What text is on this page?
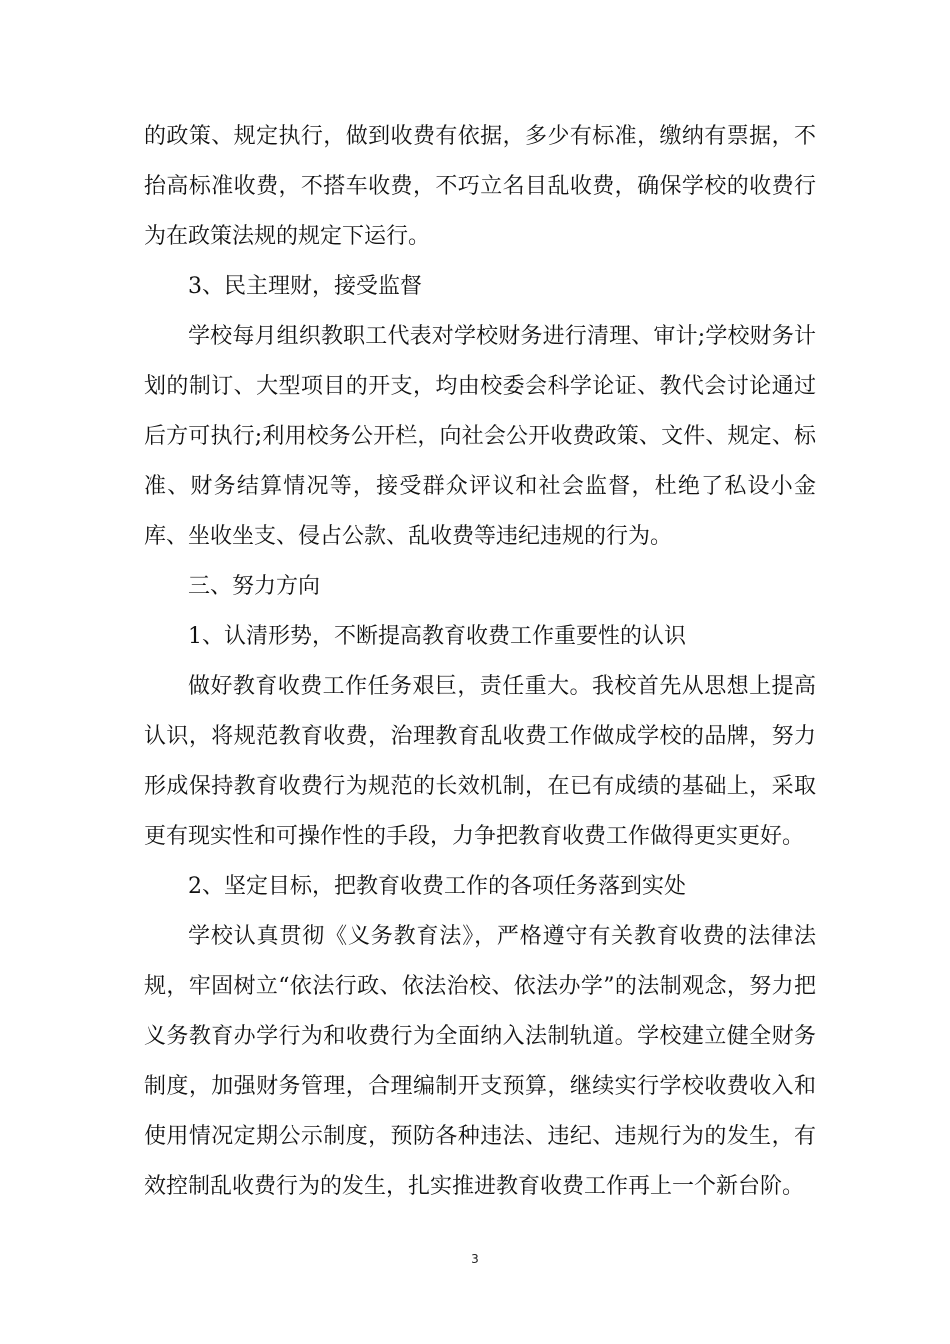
的政策、规定执行，做到收费有依据，多少有标准，缴纳有票据，不抬高标准收费，不搭车收费，不巧立名目乱收费，确保学校的收费行为在政策法规的规定下运行。

3、民主理财，接受监督

学校每月组织教职工代表对学校财务进行清理、审计;学校财务计划的制订、大型项目的开支，均由校委会科学论证、教代会讨论通过后方可执行;利用校务公开栏，向社会公开收费政策、文件、规定、标准、财务结算情况等，接受群众评议和社会监督，杜绝了私设小金库、坐收坐支、侵占公款、乱收费等违纪违规的行为。

三、努力方向

1、认清形势，不断提高教育收费工作重要性的认识

做好教育收费工作任务艰巨，责任重大。我校首先从思想上提高认识，将规范教育收费，治理教育乱收费工作做成学校的品牌，努力形成保持教育收费行为规范的长效机制，在已有成绩的基础上，采取更有现实性和可操作性的手段，力争把教育收费工作做得更实更好。

2、坚定目标，把教育收费工作的各项任务落到实处

学校认真贯彻《义务教育法》，严格遵守有关教育收费的法律法规，牢固树立“依法行政、依法治校、依法办学”的法制观念，努力把义务教育办学行为和收费行为全面纳入法制轨道。学校建立健全财务制度，加强财务管理，合理编制开支预算，继续实行学校收费收入和使用情况定期公示制度，预防各种违法、违纪、违规行为的发生，有效控制乱收费行为的发生，扎实推进教育收费工作再上一个新台阶。

3
